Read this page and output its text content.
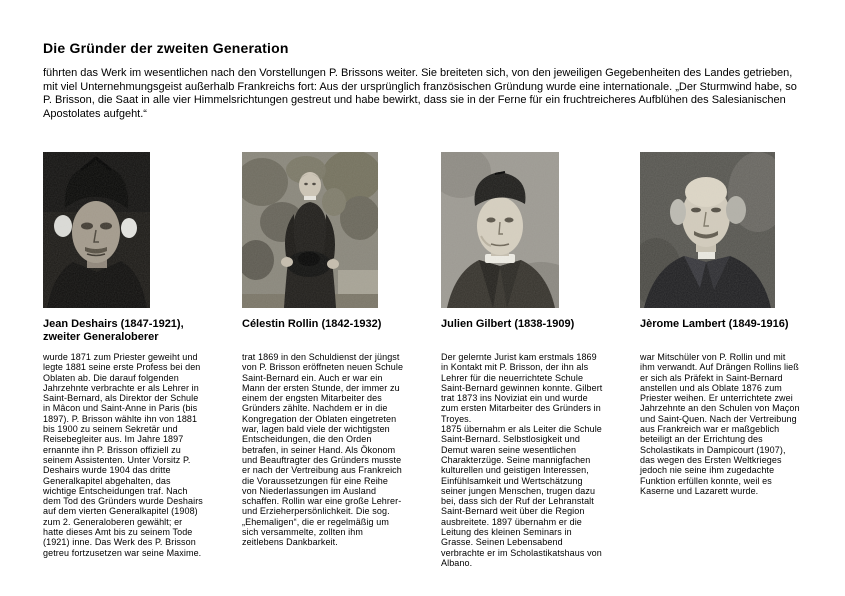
Die Gründer der zweiten Generation

führten das Werk im wesentlichen nach den Vorstellungen P. Brissons weiter. Sie breiteten sich, von den jeweiligen Gegebenheiten des Landes getrieben, mit viel Unternehmungsgeist außerhalb Frankreichs fort: Aus der ursprünglich französischen Gründung wurde eine internationale. „Der Sturmwind habe, so P. Brisson, die Saat in alle vier Himmelsrichtungen gestreut und habe bewirkt, dass sie in der Ferne für ein fruchtreicheres Aufblühen des Salesianischen Apostolates aufgeht.“

Jean Deshairs (1847-1921),
zweiter Generaloberer

wurde 1871 zum Priester geweiht und legte 1881 seine erste Profess bei den Oblaten ab. Die darauf folgenden Jahrzehnte verbrachte er als Lehrer in Saint-Bernard, als Direktor der Schule in Mâcon und Saint-Anne in Paris (bis 1897). P. Brisson wählte ihn von 1881 bis 1900 zu seinem Sekretär und Reisebegleiter aus. Im Jahre 1897 ernannte ihn P. Brisson offiziell zu seinem Assistenten. Unter Vorsitz P. Deshairs wurde 1904 das dritte Generalkapitel abgehalten, das wichtige Entscheidungen traf. Nach dem Tod des Gründers wurde Deshairs auf dem vierten Generalkapitel (1908) zum 2. Generaloberen gewählt; er hatte dieses Amt bis zu seinem Tode (1921) inne. Das Werk des P. Brisson getreu fortzusetzen war seine Maxime.

Célestin Rollin (1842-1932)

trat 1869 in den Schuldienst der jüngst von P. Brisson eröffneten neuen Schule Saint-Bernard ein. Auch er war ein Mann der ersten Stunde, der immer zu einem der engsten Mitarbeiter des Gründers zählte. Nachdem er in die Kongregation der Oblaten eingetreten war, lagen bald viele der wichtigsten Entscheidungen, die den Orden betrafen, in seiner Hand. Als Ökonom und Beauftragter des Gründers musste er nach der Vertreibung aus Frankreich die Voraussetzungen für eine Reihe von Niederlassungen im Ausland schaffen. Rollin war eine große Lehrer- und Erzieherpersönlichkeit. Die sog. „Ehemaligen“, die er regelmäßig um sich versammelte, zollten ihm zeitlebens Dankbarkeit.

Julien Gilbert (1838-1909)

Der gelernte Jurist kam erstmals 1869 in Kontakt mit P. Brisson, der ihn als Lehrer für die neuerrichtete Schule Saint-Bernard gewinnen konnte. Gilbert trat 1873 ins Noviziat ein und wurde zum ersten Mitarbeiter des Gründers in Troyes.

1875 übernahm er als Leiter die Schule Saint-Bernard. Selbstlosigkeit und Demut waren seine wesentlichen Charakterzüge. Seine mannigfachen kulturellen und geistigen Interessen, Einfühlsamkeit und Wertschätzung seiner jungen Menschen, trugen dazu bei, dass sich der Ruf der Lehranstalt Saint-Bernard weit über die Region ausbreitete. 1897 übernahm er die Leitung des kleinen Seminars in Grasse. Seinen Lebensabend verbrachte er im Scholastikatshaus von Albano.

Jèrome Lambert (1849-1916)

war Mitschüler von P. Rollin und mit ihm verwandt. Auf Drängen Rollins ließ er sich als Präfekt in Saint-Bernard anstellen und als Oblate 1876 zum Priester weihen. Er unterrichtete zwei Jahrzehnte an den Schulen von Maçon und Saint-Quen. Nach der Vertreibung aus Frankreich war er maßgeblich beteiligt an der Errichtung des Scholastikats in Dampicourt (1907), das wegen des Ersten Weltkrieges jedoch nie seine ihm zugedachte Funktion erfüllen konnte, weil es Kaserne und Lazarett wurde.
